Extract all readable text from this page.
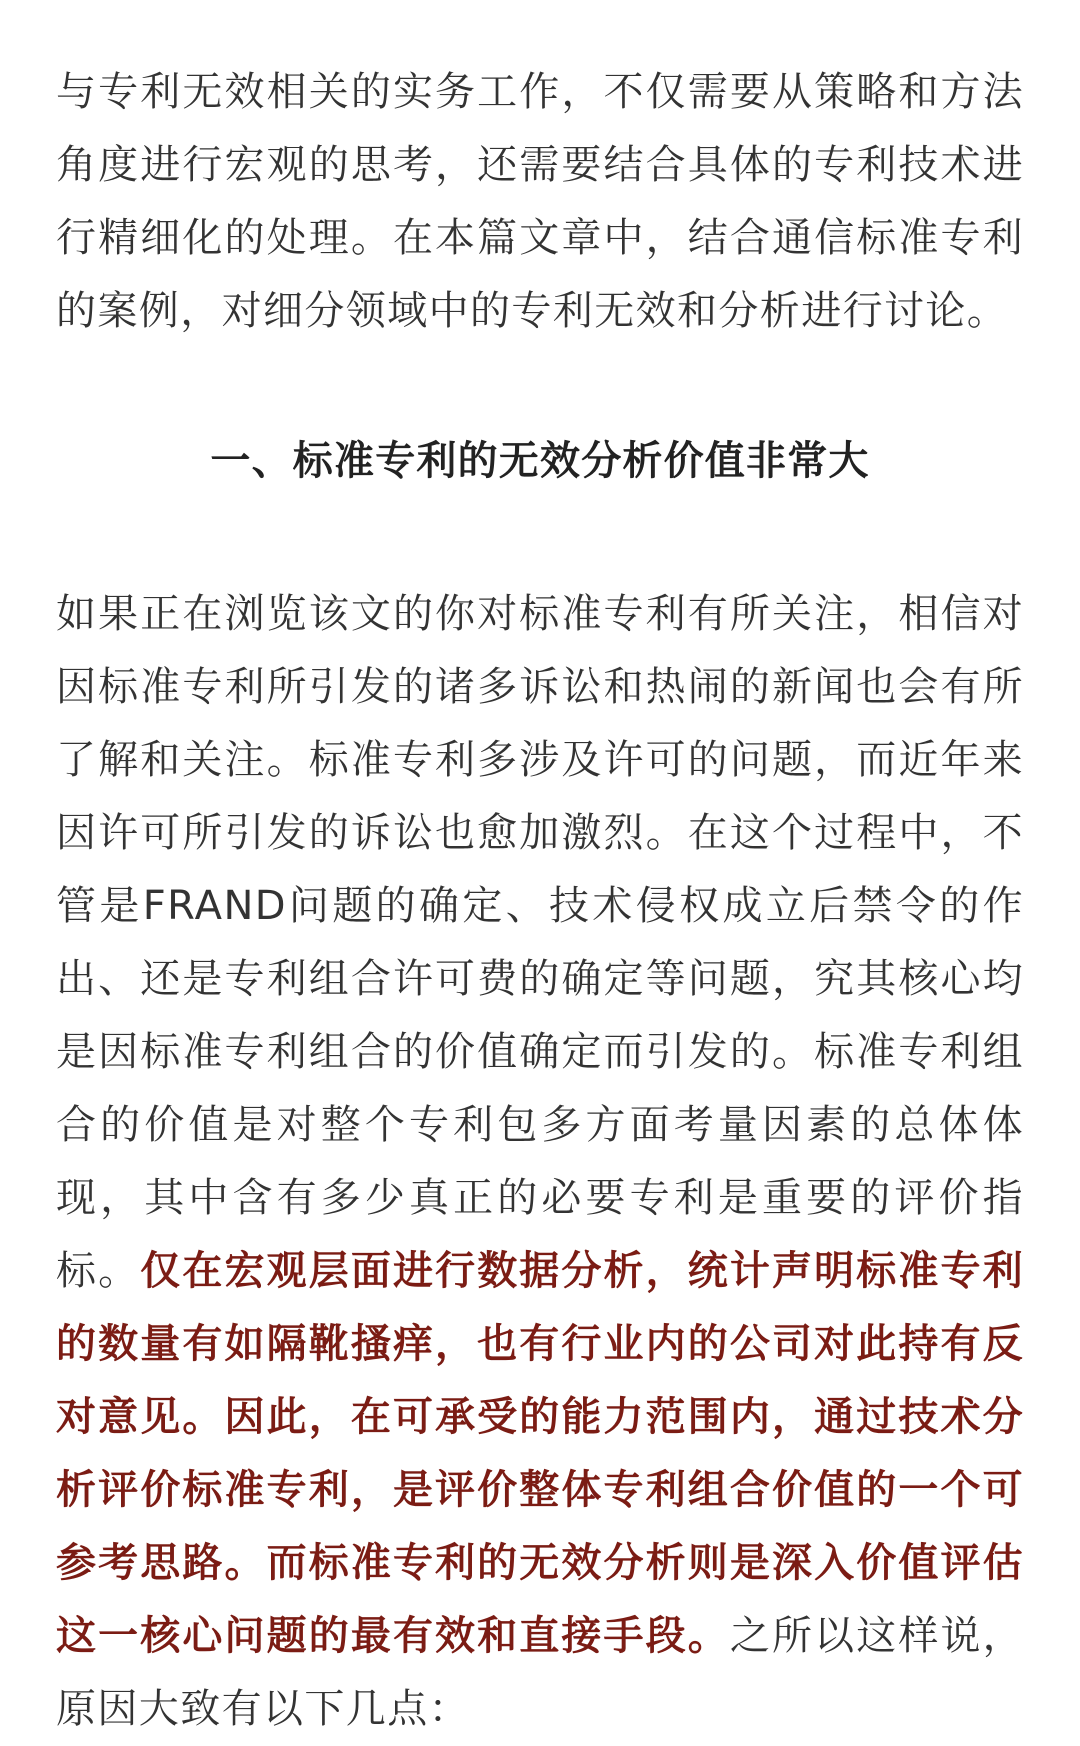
与专利无效相关的实务工作，不仅需要从策略和方法角度进行宏观的思考，还需要结合具体的专利技术进行精细化的处理。在本篇文章中，结合通信标准专利的案例，对细分领域中的专利无效和分析进行讨论。

一、标准专利的无效分析价值非常大

如果正在浏览该文的你对标准专利有所关注，相信对因标准专利所引发的诸多诉讼和热闹的新闻也会有所了解和关注。标准专利多涉及许可的问题，而近年来因许可所引发的诉讼也愈加激烈。在这个过程中，不管是FRAND问题的确定、技术侵权成立后禁令的作出、还是专利组合许可费的确定等问题，究其核心均是因标准专利组合的价值确定而引发的。标准专利组合的价值是对整个专利包多方面考量因素的总体体现，其中含有多少真正的必要专利是重要的评价指标。仅在宏观层面进行数据分析，统计声明标准专利的数量有如隔靴搔痒，也有行业内的公司对此持有反对意见。因此，在可承受的能力范围内，通过技术分析评价标准专利，是评价整体专利组合价值的一个可参考思路。而标准专利的无效分析则是深入价值评估这一核心问题的最有效和直接手段。之所以这样说，原因大致有以下几点：
